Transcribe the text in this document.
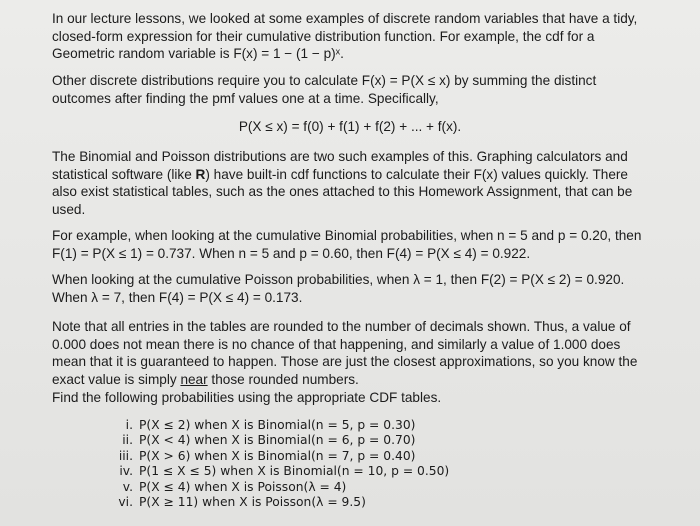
In our lecture lessons, we looked at some examples of discrete random variables that have a tidy, closed-form expression for their cumulative distribution function. For example, the cdf for a Geometric random variable is F(x) = 1 − (1 − p)ˣ.

Other discrete distributions require you to calculate F(x) = P(X ≤ x) by summing the distinct outcomes after finding the pmf values one at a time. Specifically,

P(X ≤ x) = f(0) + f(1) + f(2) + ... + f(x).

The Binomial and Poisson distributions are two such examples of this. Graphing calculators and statistical software (like R) have built-in cdf functions to calculate their F(x) values quickly. There also exist statistical tables, such as the ones attached to this Homework Assignment, that can be used.

For example, when looking at the cumulative Binomial probabilities, when n = 5 and p = 0.20, then F(1) = P(X ≤ 1) = 0.737. When n = 5 and p = 0.60, then F(4) = P(X ≤ 4) = 0.922.

When looking at the cumulative Poisson probabilities, when λ = 1, then F(2) = P(X ≤ 2) = 0.920. When λ = 7, then F(4) = P(X ≤ 4) = 0.173.

Note that all entries in the tables are rounded to the number of decimals shown. Thus, a value of 0.000 does not mean there is no chance of that happening, and similarly a value of 1.000 does mean that it is guaranteed to happen. Those are just the closest approximations, so you know the exact value is simply near those rounded numbers.

Find the following probabilities using the appropriate CDF tables.

i. P(X ≤ 2) when X is Binomial(n = 5, p = 0.30)
ii. P(X < 4) when X is Binomial(n = 6, p = 0.70)
iii. P(X > 6) when X is Binomial(n = 7, p = 0.40)
iv. P(1 ≤ X ≤ 5) when X is Binomial(n = 10, p = 0.50)
v. P(X ≤ 4) when X is Poisson(λ = 4)
vi. P(X ≥ 11) when X is Poisson(λ = 9.5)
